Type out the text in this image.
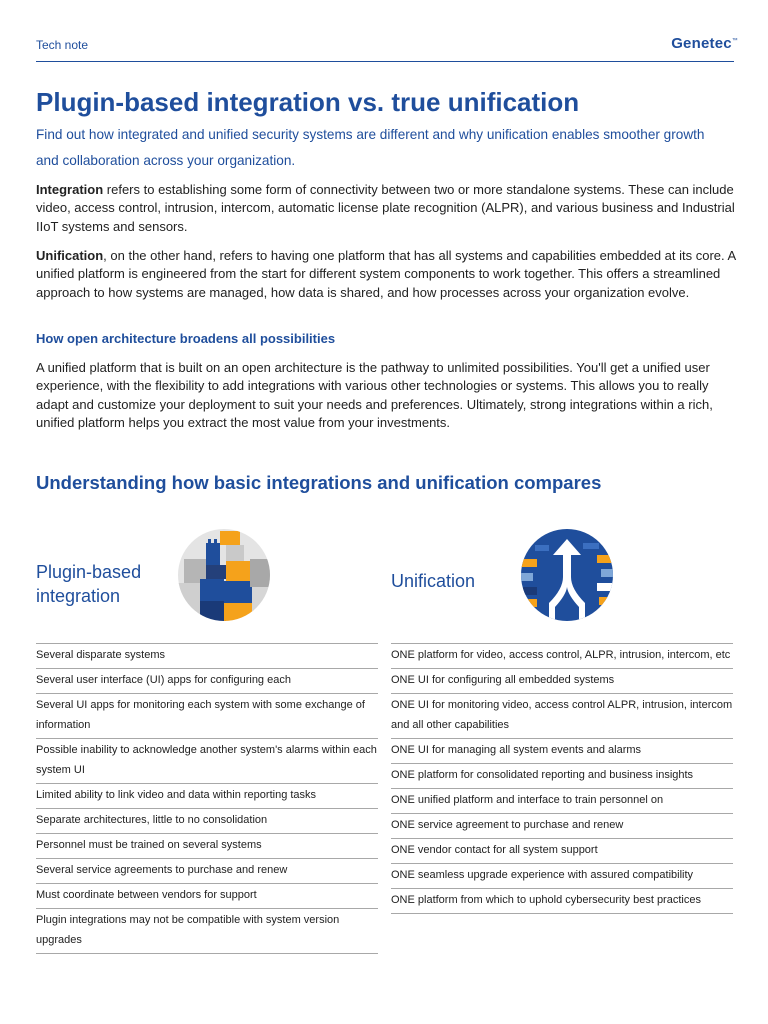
Tech note	Genetec™
Plugin-based integration vs. true unification

Find out how integrated and unified security systems are different and why unification enables smoother growth and collaboration across your organization.

Integration refers to establishing some form of connectivity between two or more standalone systems. These can include video, access control, intrusion, intercom, automatic license plate recognition (ALPR), and various business and Industrial IIoT systems and sensors.

Unification, on the other hand, refers to having one platform that has all systems and capabilities embedded at its core. A unified platform is engineered from the start for different system components to work together. This offers a streamlined approach to how systems are managed, how data is shared, and how processes across your organization evolve.

How open architecture broadens all possibilities

A unified platform that is built on an open architecture is the pathway to unlimited possibilities. You'll get a unified user experience, with the flexibility to add integrations with various other technologies or systems. This allows you to really adapt and customize your deployment to suit your needs and preferences. Ultimately, strong integrations within a rich, unified platform helps you extract the most value from your investments.

Understanding how basic integrations and unification compares
Plugin-based integration
Unification
Several disparate systems
Several user interface (UI) apps for configuring each
Several UI apps for monitoring each system with some exchange of information
Possible inability to acknowledge another system's alarms within each system UI
Limited ability to link video and data within reporting tasks
Separate architectures, little to no consolidation
Personnel must be trained on several systems
Several service agreements to purchase and renew
Must coordinate between vendors for support
Plugin integrations may not be compatible with system version upgrades
ONE platform for video, access control, ALPR, intrusion, intercom, etc
ONE UI for configuring all embedded systems
ONE UI for monitoring video, access control ALPR, intrusion, intercom and all other capabilities
ONE UI for managing all system events and alarms
ONE platform for consolidated reporting and business insights
ONE unified platform and interface to train personnel on
ONE service agreement to purchase and renew
ONE vendor contact for all system support
ONE seamless upgrade experience with assured compatibility
ONE platform from which to uphold cybersecurity best practices
